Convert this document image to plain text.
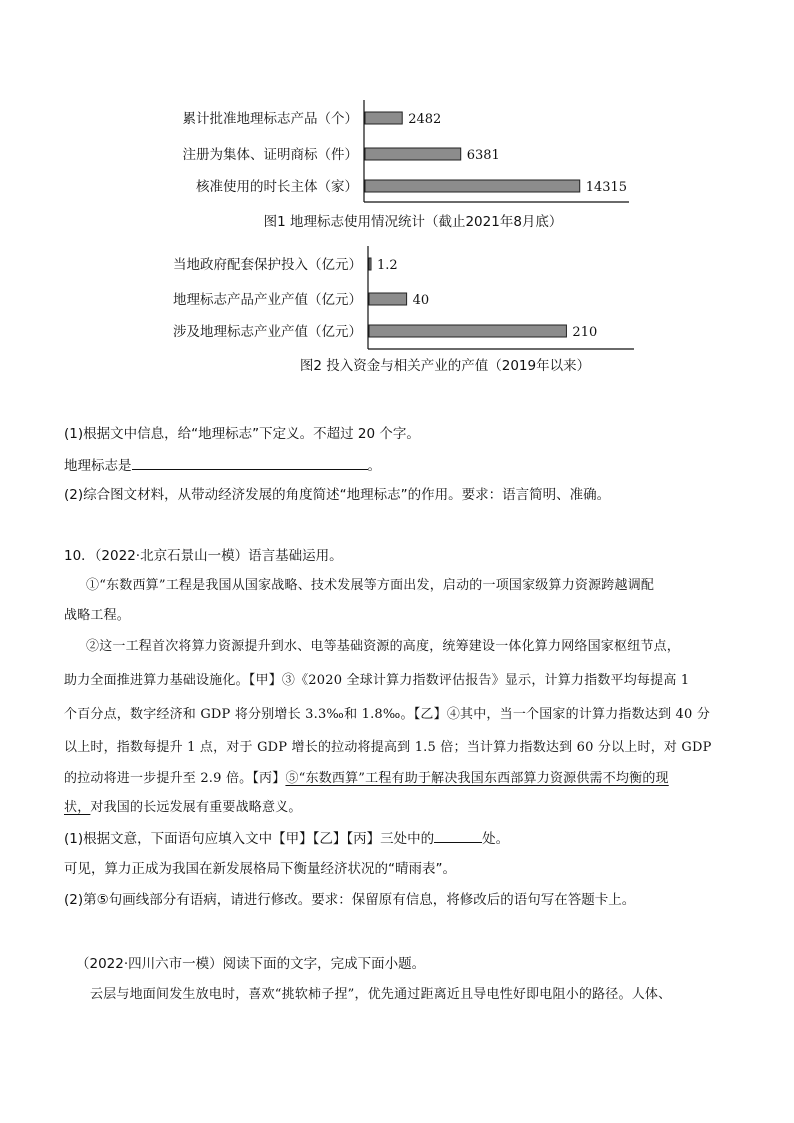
累计批准地理标志产品（个）	2482
注册为集体、证明商标（件）	6381
核准使用的时长主体（家）	14315
图1 地理标志使用情况统计（截止2021年8月底）
当地政府配套保护投入（亿元） 1.2
地理标志产品产业产值（亿元）	40
涉及地理标志产业产值（亿元）	210
图2 投入资金与相关产业的产值（2019年以来）
(1)根据文中信息，给“地理标志”下定义。不超过 20 个字。
地理标志是	。
(2)综合图文材料，从带动经济发展的角度简述“地理标志”的作用。要求：语言简明、准确。
10．（2022·北京石景山一模）语言基础运用。
①“东数西算”工程是我国从国家战略、技术发展等方面出发，启动的一项国家级算力资源跨越调配
战略工程。
②这一工程首次将算力资源提升到水、电等基础资源的高度，统筹建设一体化算力网络国家枢纽节点，
助力全面推进算力基础设施化。【甲】③《2020 全球计算力指数评估报告》显示，计算力指数平均每提高 1
个百分点，数字经济和 GDP 将分别增长 3.3‰和 1.8‰。【乙】④其中，当一个国家的计算力指数达到 40 分
以上时，指数每提升 1 点，对于 GDP 增长的拉动将提高到 1.5 倍；当计算力指数达到 60 分以上时，对 GDP
的拉动将进一步提升至 2.9 倍。【丙】⑤“东数西算”工程有助于解决我国东西部算力资源供需不均衡的现
状，对我国的长远发展有重要战略意义。
(1)根据文意，下面语句应填入文中【甲】【乙】【丙】三处中的	处。
可见，算力正成为我国在新发展格局下衡量经济状况的“晴雨表”。
(2)第⑤句画线部分有语病，请进行修改。要求：保留原有信息，将修改后的语句写在答题卡上。
（2022·四川六市一模）阅读下面的文字，完成下面小题。
云层与地面间发生放电时，喜欢“挑软柿子捏”，优先通过距离近且导电性好即电阻小的路径。人体、
